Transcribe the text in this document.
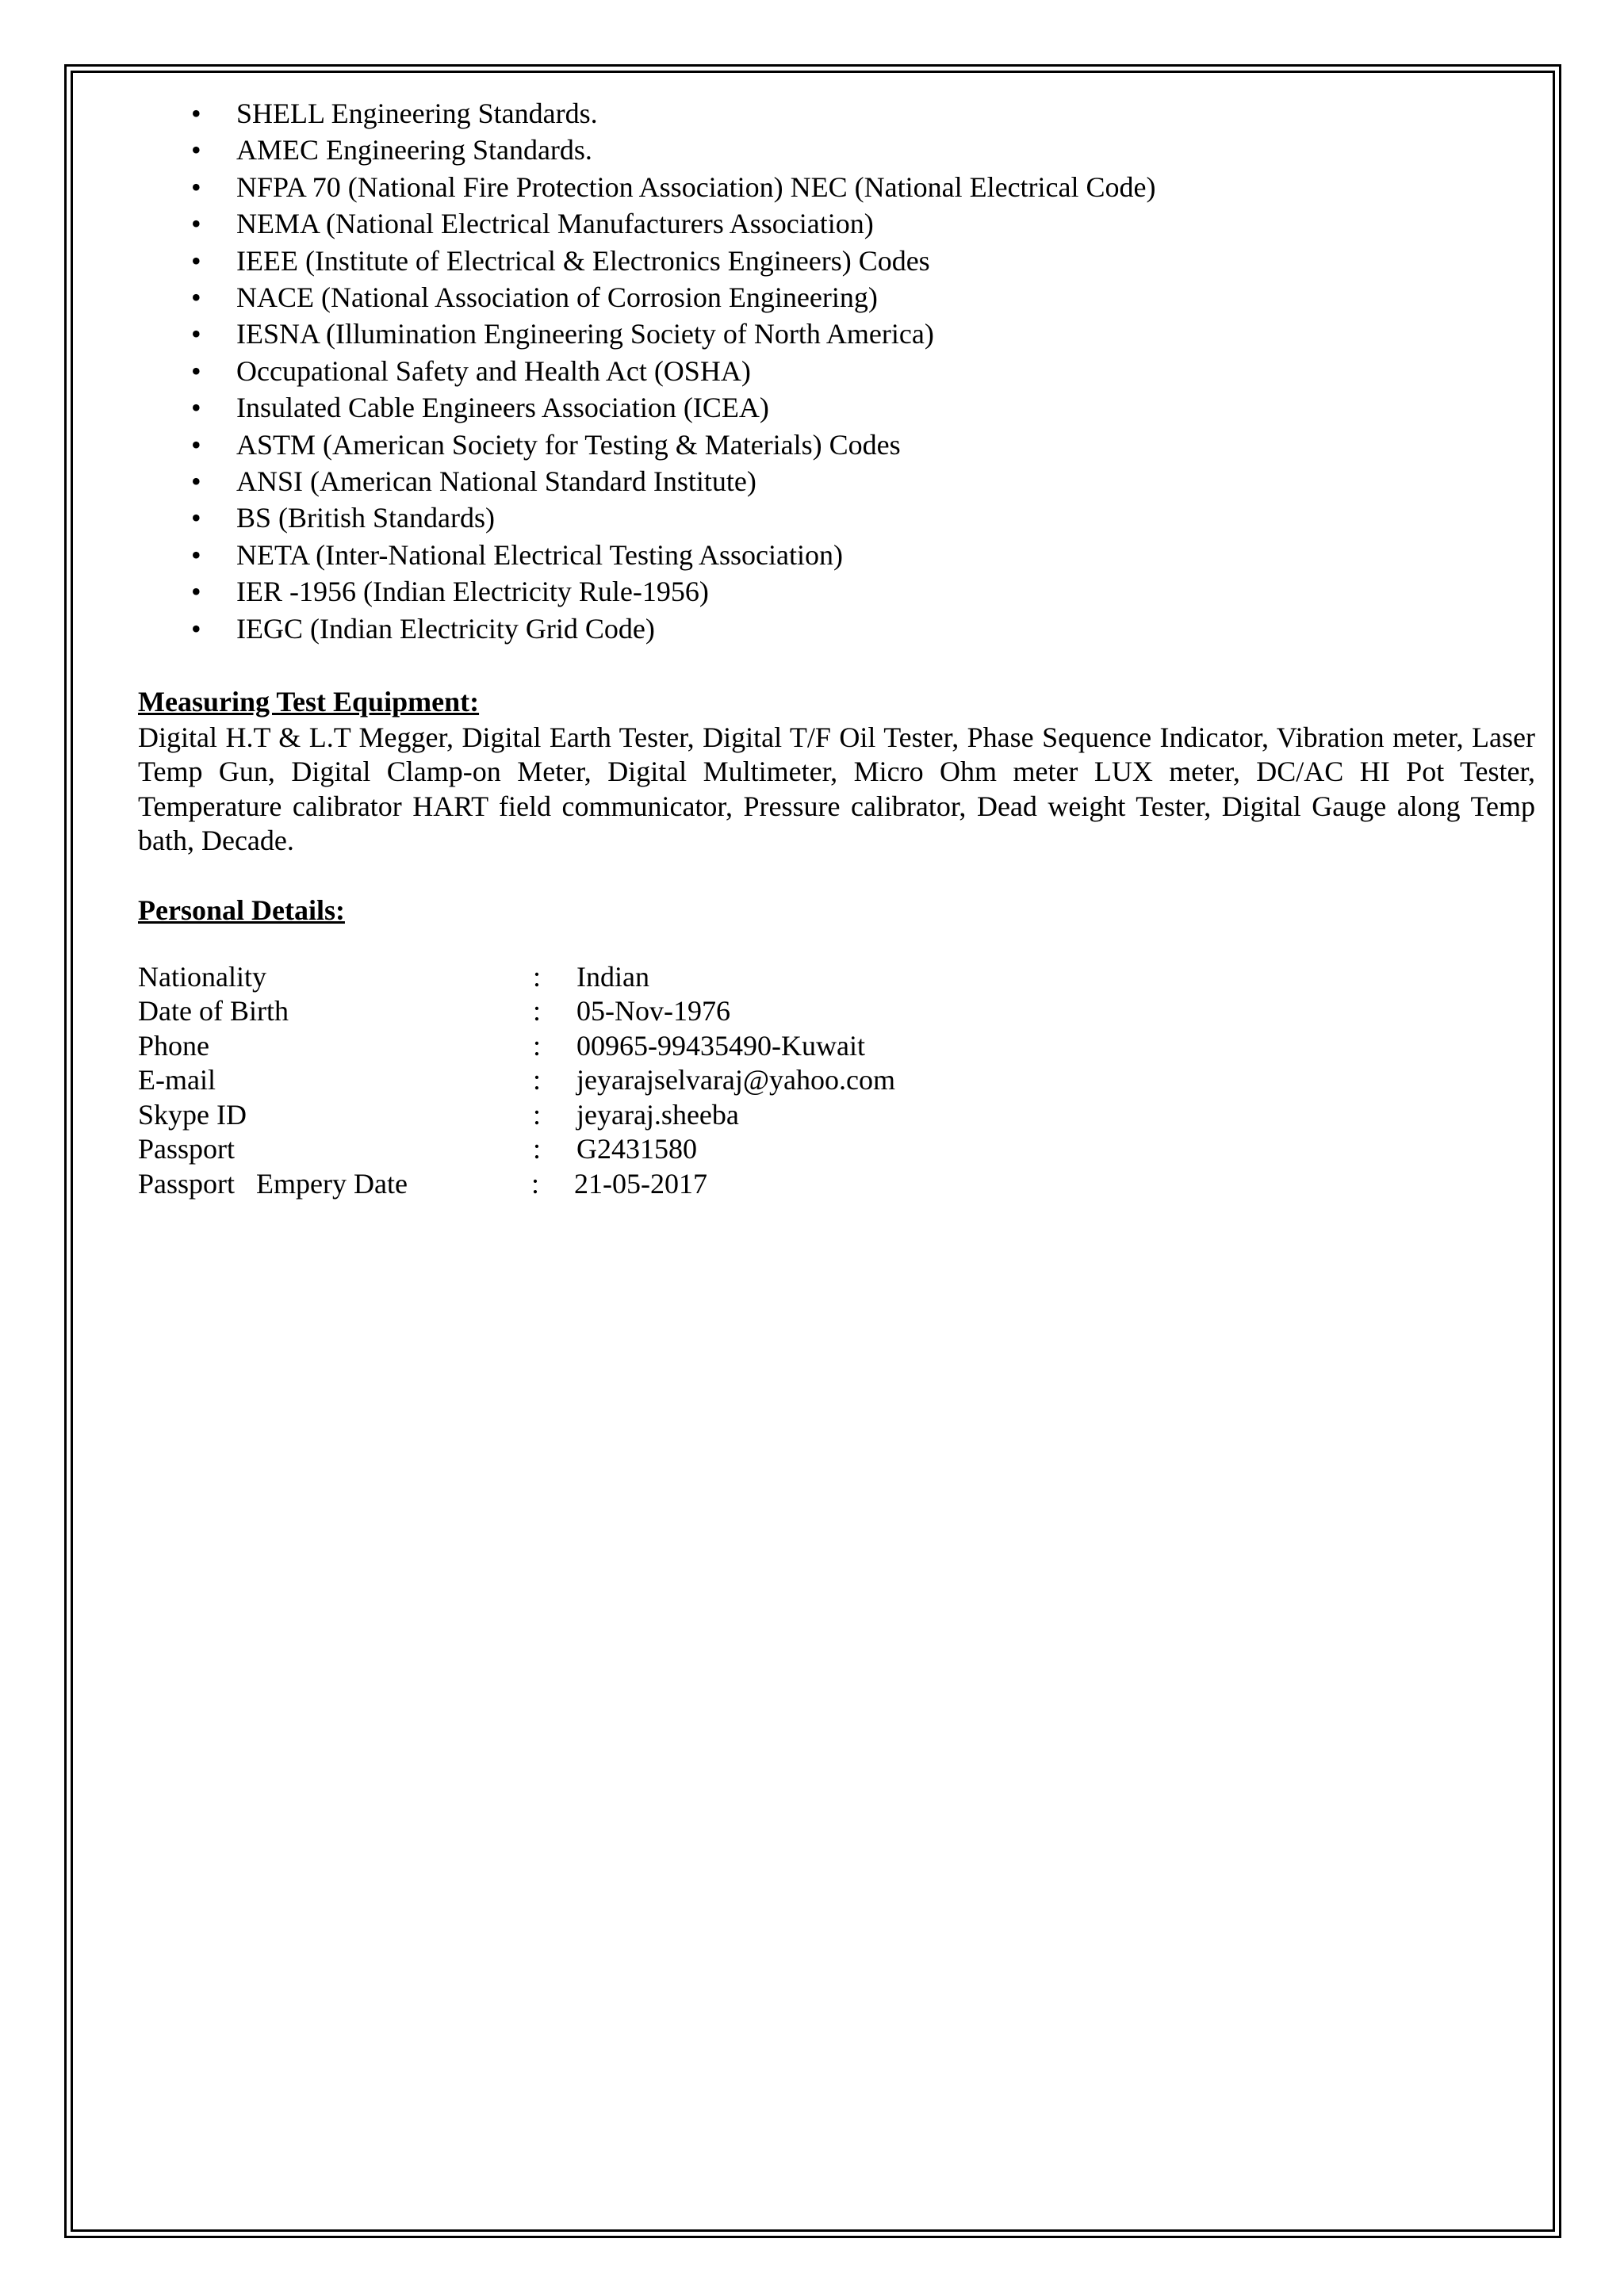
• SHELL Engineering Standards.
• AMEC Engineering Standards.
• NFPA 70 (National Fire Protection Association) NEC (National Electrical Code)
• NEMA (National Electrical Manufacturers Association)
• IEEE (Institute of Electrical & Electronics Engineers) Codes
• NACE (National Association of Corrosion Engineering)
• IESNA (Illumination Engineering Society of North America)
• Occupational Safety and Health Act (OSHA)
• Insulated Cable Engineers Association (ICEA)
• ASTM (American Society for Testing & Materials) Codes
• ANSI (American National Standard Institute)
• BS (British Standards)
• NETA (Inter-National Electrical Testing Association)
• IER -1956 (Indian Electricity Rule-1956)
• IEGC (Indian Electricity Grid Code)
Measuring Test Equipment:

Digital H.T & L.T Megger, Digital Earth Tester, Digital T/F Oil Tester, Phase Sequence Indicator, Vibration meter, Laser Temp Gun, Digital Clamp-on Meter, Digital Multimeter, Micro Ohm meter LUX meter, DC/AC HI Pot Tester, Temperature calibrator HART field communicator, Pressure calibrator, Dead weight Tester, Digital Gauge along Temp bath, Decade.

Personal Details:
Nationality	: Indian
Date of Birth	: 05-Nov-1976
Phone	: 00965-99435490-Kuwait
E-mail	: jeyarajselvaraj@yahoo.com
Skype ID	: jeyaraj.sheeba
Passport	: G2431580
Passport   Empery Date	: 21-05-2017
